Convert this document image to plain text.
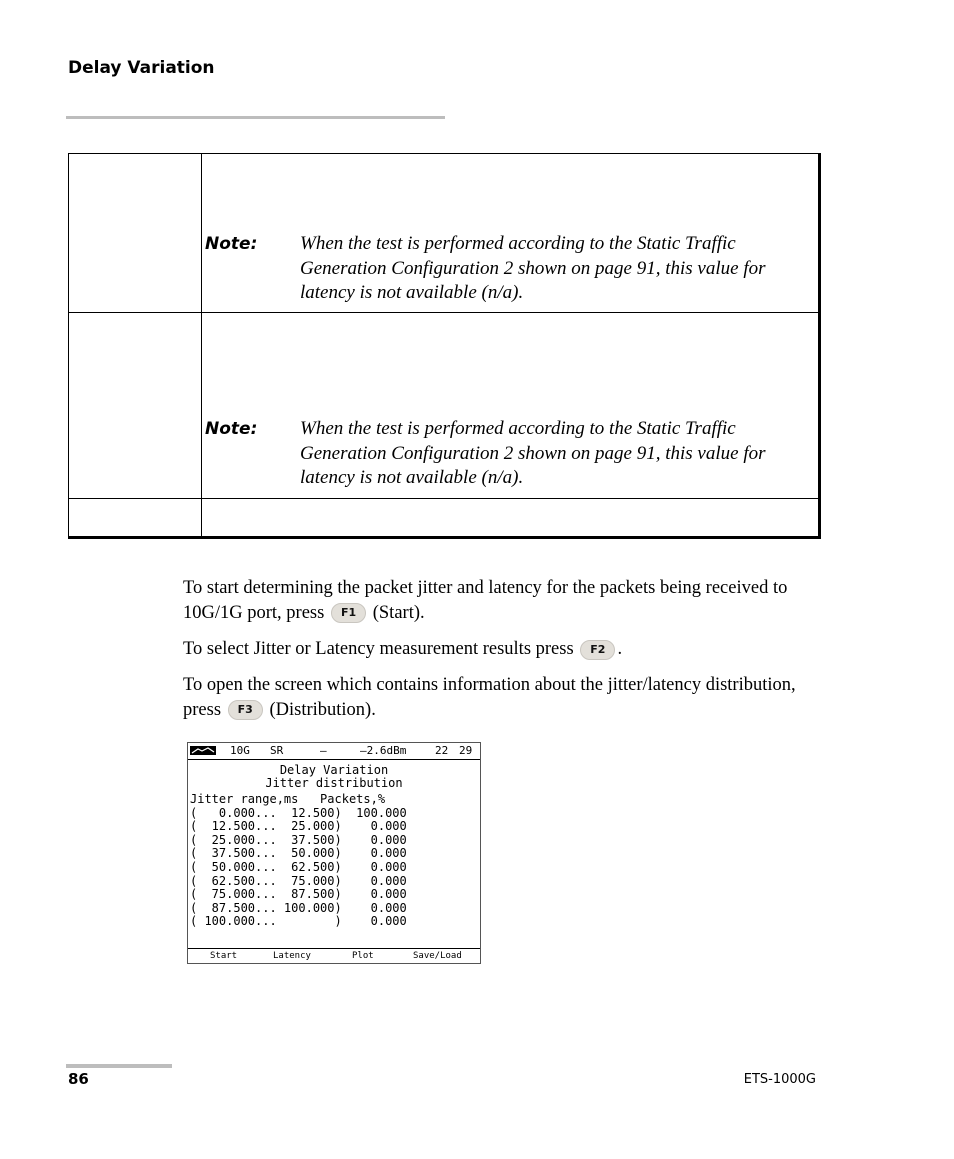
Delay Variation
Note: When the test is performed according to the Static Traffic Generation Configuration 2 shown on page 91, this value for latency is not available (n/a).
Note: When the test is performed according to the Static Traffic Generation Configuration 2 shown on page 91, this value for latency is not available (n/a).
To start determining the packet jitter and latency for the packets being received to 10G/1G port, press F1 (Start).
To select Jitter or Latency measurement results press F2 .
To open the screen which contains information about the jitter/latency distribution, press F3 (Distribution).
10G SR	–	–2.6dBm	22 29
Delay Variation
Jitter distribution
Jitter range,ms   Packets,%
(   0.000...  12.500)  100.000
(  12.500...  25.000)    0.000
(  25.000...  37.500)    0.000
(  37.500...  50.000)    0.000
(  50.000...  62.500)    0.000
(  62.500...  75.000)    0.000
(  75.000...  87.500)    0.000
(  87.500... 100.000)    0.000
( 100.000...        )    0.000
Start	Latency	Plot	Save/Load
86	ETS-1000G
